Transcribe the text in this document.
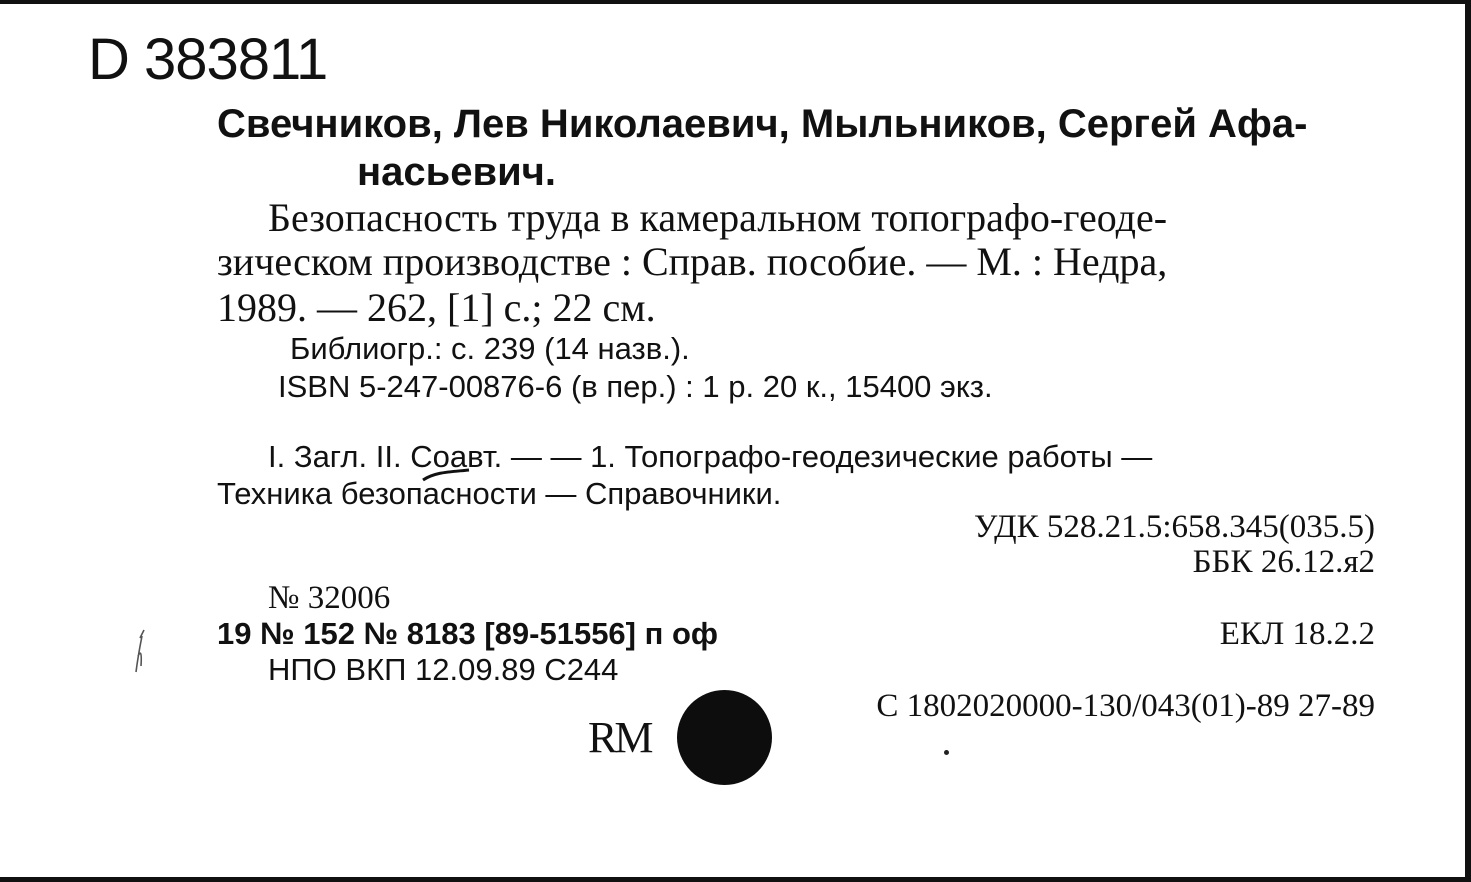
D 383811
Свечников, Лев Николаевич, Мыльников, Сергей Афа-
насьевич.
Безопасность труда в камеральном топографо-геоде-
зическом производстве : Справ. пособие. — М. : Недра,
1989. — 262, [1] с.; 22 см.
Библиогр.: с. 239 (14 назв.).
ISBN 5-247-00876-6 (в пер.) : 1 р. 20 к., 15400 экз.
I. Загл. II. Соавт. — — 1. Топографо-геодезические работы —
Техника безопасности — Справочники.
УДК 528.21.5:658.345(035.5)
ББК 26.12.я2
№ 32006
19 № 152 № 8183 [89-51556] п оф	ЕКЛ 18.2.2
НПО ВКП 12.09.89 С244
С 1802020000-130/043(01)-89 27-89
RM
